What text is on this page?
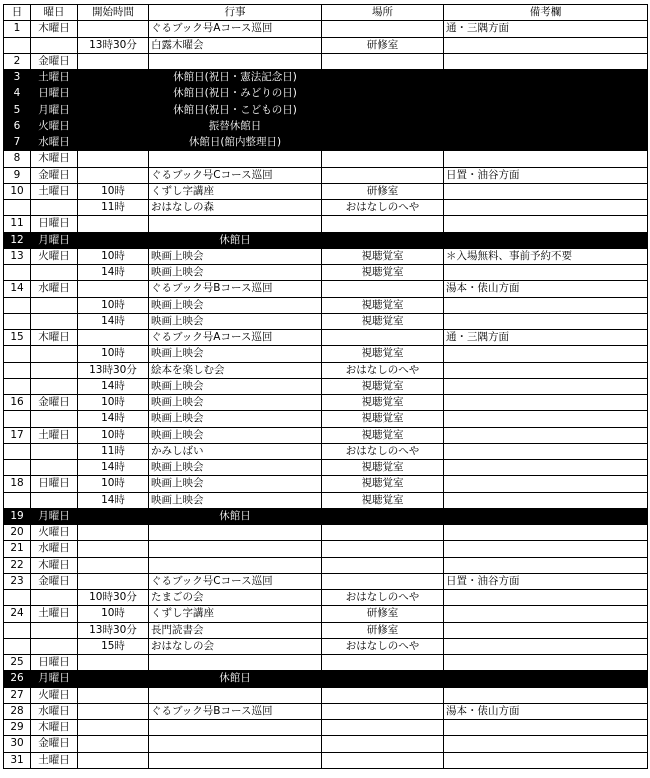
日	曜日	開始時間	行事	場所	備考欄
1	木曜日		ぐるブック号Aコース巡回		通・三隅方面
		13時30分	白露木曜会	研修室	
2	金曜日				
3	土曜日		休館日(祝日・憲法記念日)		
4	日曜日		休館日(祝日・みどりの日)		
5	月曜日		休館日(祝日・こどもの日)		
6	火曜日		振替休館日		
7	水曜日		休館日(館内整理日)		
8	木曜日				
9	金曜日		ぐるブック号Cコース巡回		日置・油谷方面
10	土曜日	10時	くずし字講座	研修室	
		11時	おはなしの森	おはなしのへや	
11	日曜日				
12	月曜日		休館日		
13	火曜日	10時	映画上映会	視聴覚室	＊入場無料、事前予約不要
		14時	映画上映会	視聴覚室	
14	水曜日		ぐるブック号Bコース巡回		湯本・俵山方面
		10時	映画上映会	視聴覚室	
		14時	映画上映会	視聴覚室	
15	木曜日		ぐるブック号Aコース巡回		通・三隅方面
		10時	映画上映会	視聴覚室	
		13時30分	絵本を楽しむ会	おはなしのへや	
		14時	映画上映会	視聴覚室	
16	金曜日	10時	映画上映会	視聴覚室	
		14時	映画上映会	視聴覚室	
17	土曜日	10時	映画上映会	視聴覚室	
		11時	かみしばい	おはなしのへや	
		14時	映画上映会	視聴覚室	
18	日曜日	10時	映画上映会	視聴覚室	
		14時	映画上映会	視聴覚室	
19	月曜日		休館日		
20	火曜日				
21	水曜日				
22	木曜日				
23	金曜日		ぐるブック号Cコース巡回		日置・油谷方面
		10時30分	たまごの会	おはなしのへや	
24	土曜日	10時	くずし字講座	研修室	
		13時30分	長門読書会	研修室	
		15時	おはなしの会	おはなしのへや	
25	日曜日				
26	月曜日		休館日		
27	火曜日				
28	水曜日		ぐるブック号Bコース巡回		湯本・俵山方面
29	木曜日				
30	金曜日				
31	土曜日				
